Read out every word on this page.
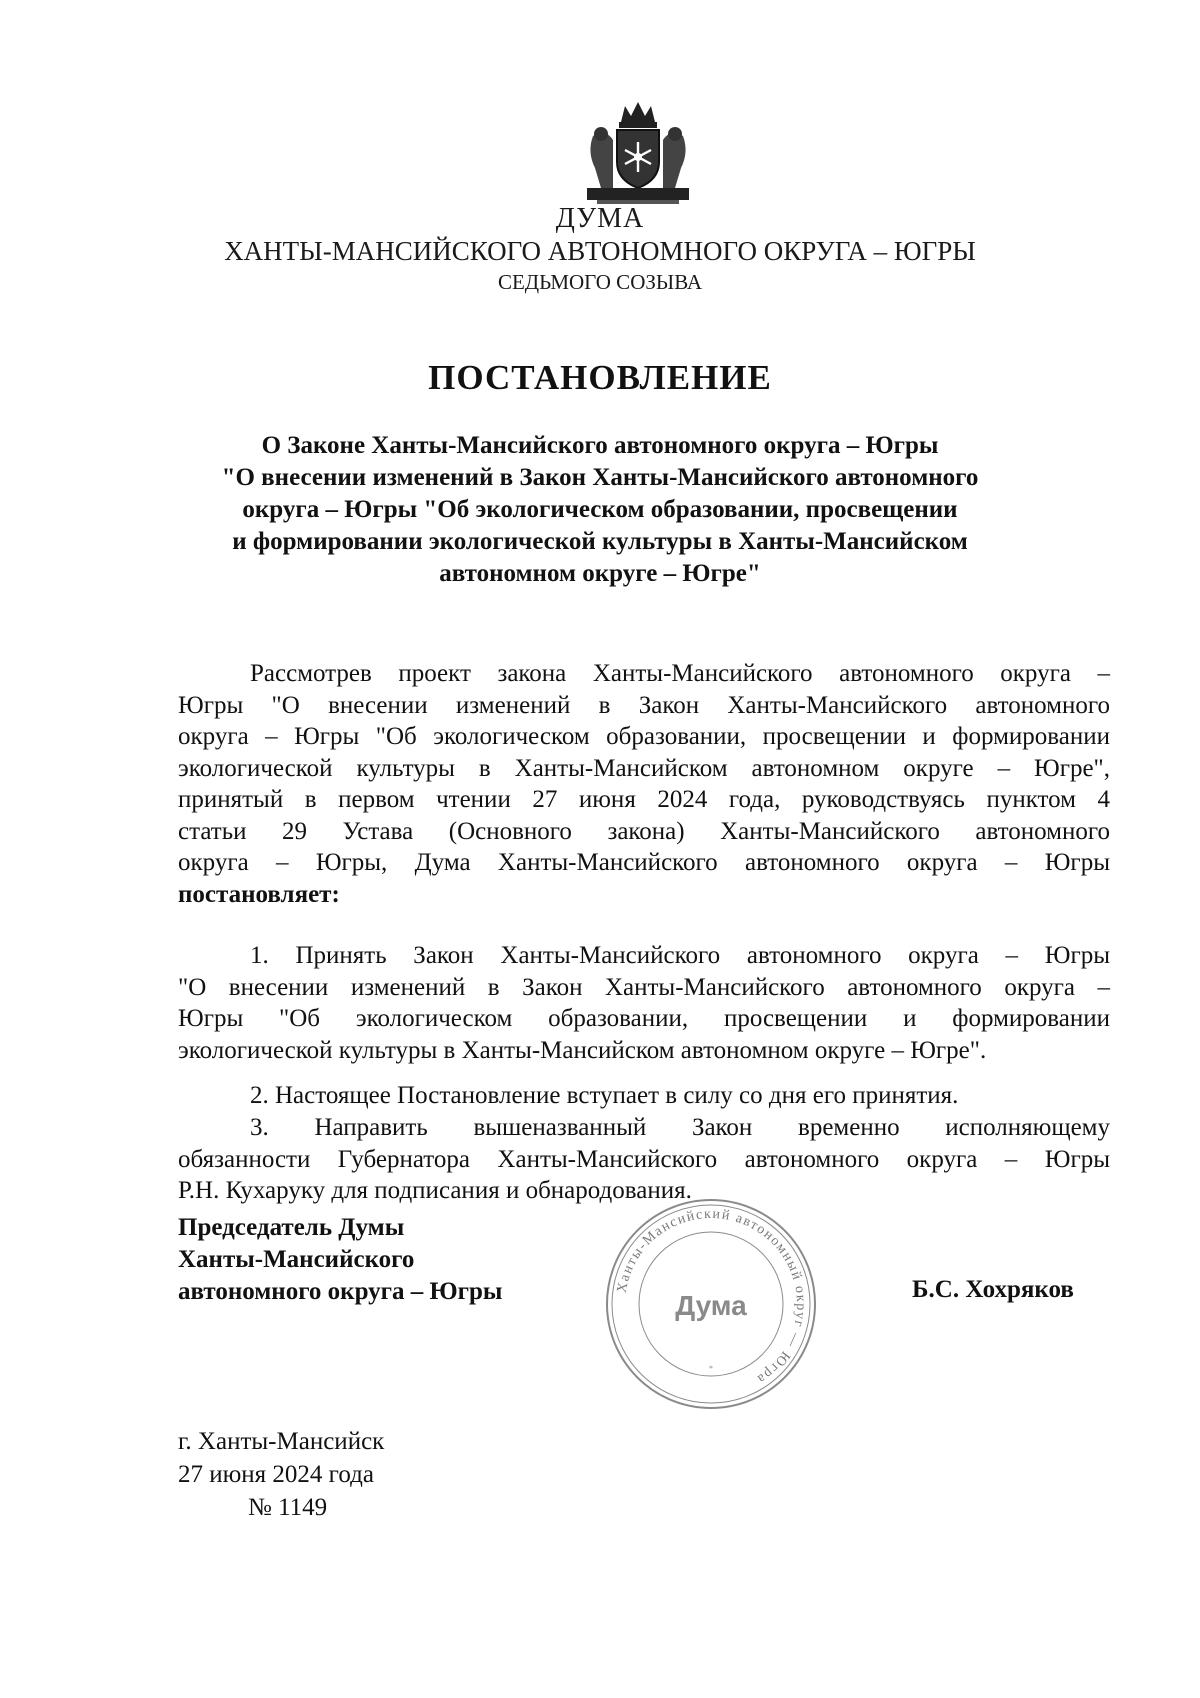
ДУМА
ХАНТЫ-МАНСИЙСКОГО АВТОНОМНОГО ОКРУГА – ЮГРЫ
СЕДЬМОГО СОЗЫВА
ПОСТАНОВЛЕНИЕ
О Законе Ханты-Мансийского автономного округа – Югры
"О внесении изменений в Закон Ханты-Мансийского автономного
округа – Югры "Об экологическом образовании, просвещении
и формировании экологической культуры в Ханты-Мансийском
автономном округе – Югре"
Рассмотрев проект закона Ханты-Мансийского автономного округа –
Югры "О внесении изменений в Закон Ханты-Мансийского автономного
округа – Югры "Об экологическом образовании, просвещении и формировании
экологической культуры в Ханты-Мансийском автономном округе – Югре",
принятый в первом чтении 27 июня 2024 года, руководствуясь пунктом 4
статьи 29 Устава (Основного закона) Ханты-Мансийского автономного
округа – Югры, Дума Ханты-Мансийского автономного округа – Югры
постановляет:
1. Принять Закон Ханты-Мансийского автономного округа – Югры
"О внесении изменений в Закон Ханты-Мансийского автономного округа –
Югры "Об экологическом образовании, просвещении и формировании
экологической культуры в Ханты-Мансийском автономном округе – Югре".
2. Настоящее Постановление вступает в силу со дня его принятия.
3. Направить вышеназванный Закон временно исполняющему
обязанности Губернатора Ханты-Мансийского автономного округа – Югры
Р.Н. Кухаруку для подписания и обнародования.
Председатель Думы
Ханты-Мансийского
автономного округа – Югры	Ханты-Мансийский автономный округ — Югра
Дума
*
Б.С. Хохряков
г. Ханты-Мансийск
27 июня 2024 года
№ 1149
